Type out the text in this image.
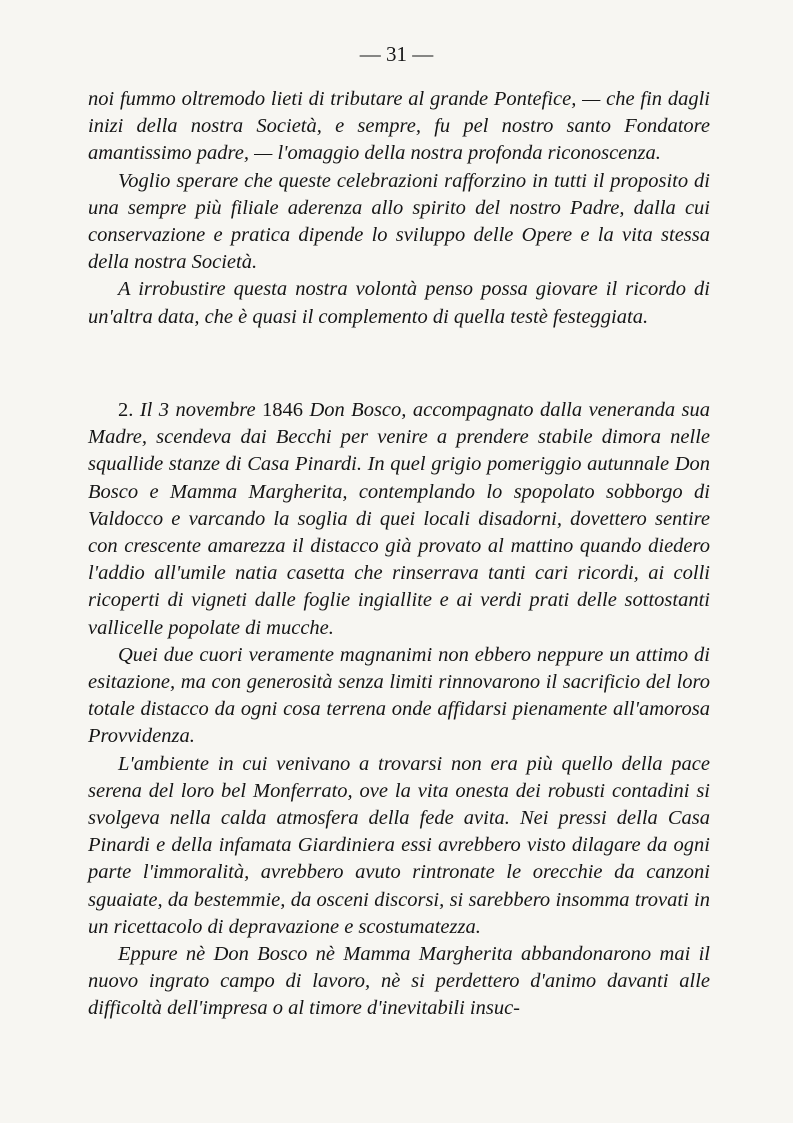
— 31 —

noi fummo oltremodo lieti di tributare al grande Pontefice, — che fin dagli inizi della nostra Società, e sempre, fu pel nostro santo Fondatore amantissimo padre, — l'omaggio della nostra profonda riconoscenza.

Voglio sperare che queste celebrazioni rafforzino in tutti il proposito di una sempre più filiale aderenza allo spirito del nostro Padre, dalla cui conservazione e pratica dipende lo sviluppo delle Opere e la vita stessa della nostra Società.

A irrobustire questa nostra volontà penso possa giovare il ricordo di un'altra data, che è quasi il complemento di quella testè festeggiata.

2. Il 3 novembre 1846 Don Bosco, accompagnato dalla veneranda sua Madre, scendeva dai Becchi per venire a prendere stabile dimora nelle squallide stanze di Casa Pinardi. In quel grigio pomeriggio autunnale Don Bosco e Mamma Margherita, contemplando lo spopolato sobborgo di Valdocco e varcando la soglia di quei locali disadorni, dovettero sentire con crescente amarezza il distacco già provato al mattino quando diedero l'addio all'umile natia casetta che rinserrava tanti cari ricordi, ai colli ricoperti di vigneti dalle foglie ingiallite e ai verdi prati delle sottostanti vallicelle popolate di mucche.

Quei due cuori veramente magnanimi non ebbero neppure un attimo di esitazione, ma con generosità senza limiti rinnovarono il sacrificio del loro totale distacco da ogni cosa terrena onde affidarsi pienamente all'amorosa Provvidenza.

L'ambiente in cui venivano a trovarsi non era più quello della pace serena del loro bel Monferrato, ove la vita onesta dei robusti contadini si svolgeva nella calda atmosfera della fede avita. Nei pressi della Casa Pinardi e della infamata Giardiniera essi avrebbero visto dilagare da ogni parte l'immoralità, avrebbero avuto rintronate le orecchie da canzoni sguaiate, da bestemmie, da osceni discorsi, si sarebbero insomma trovati in un ricettacolo di depravazione e scostumatezza.

Eppure nè Don Bosco nè Mamma Margherita abbandonarono mai il nuovo ingrato campo di lavoro, nè si perdettero d'animo davanti alle difficoltà dell'impresa o al timore d'inevitabili insuc-
